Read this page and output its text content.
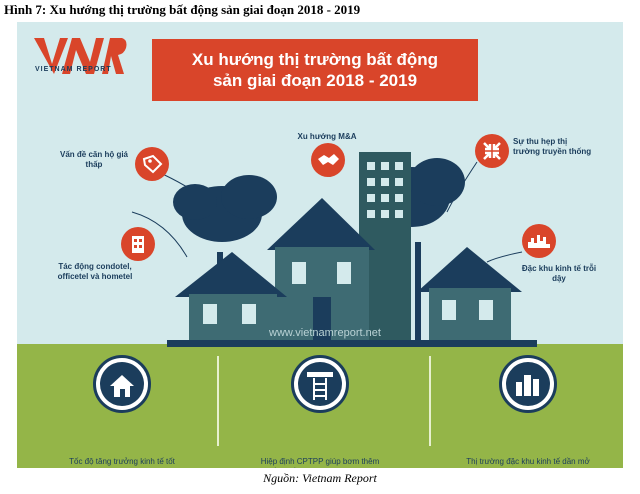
Hình 7: Xu hướng thị trường bất động sản giai đoạn 2018 - 2019
VIETNAM REPORT
Xu hướng thị trường bất động
sản giai đoạn 2018 - 2019
Vấn đề căn hộ giá thấp
Xu hướng M&A
Sự thu hẹp thị trường truyền thống
Tác động condotel, officetel và hometel
Đặc khu kinh tế trỗi dậy
www.vietnamreport.net
Tốc độ tăng trưởng kinh tế tốt	Hiệp định CPTPP giúp bơm thêm	Thị trường đặc khu kinh tế dần mở
Nguồn: Vietnam Report
